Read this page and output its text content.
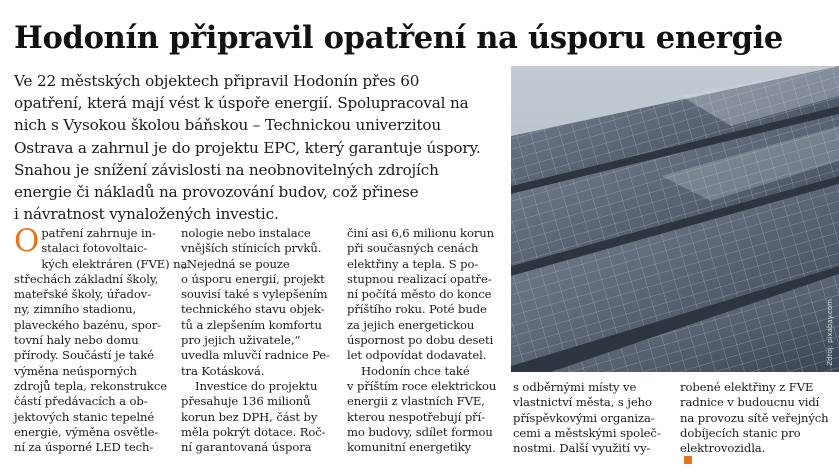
Hodonín připravil opatření na úsporu energie

Ve 22 městských objektech připravil Hodonín přes 60
opatření, která mají vést k úspoře energií. Spolupracoval na
nich s Vysokou školou báňskou – Technickou univerzitou
Ostrava a zahrnul je do projektu EPC, který garantuje úspory.
Snahou je snížení závislosti na neobnovitelných zdrojích
energie či nákladů na provozování budov, což přinese
i návratnost vynaložených investic.

Zdroj: pixabay.com

O patření zahrnuje in-
stalaci fotovoltaic-
kých elektráren (FVE) na
střechách základní školy,
mateřské školy, úřadov-
ny, zimního stadionu,
plaveckého bazénu, spor-
tovní haly nebo domu
přírody. Součástí je také
výměna neúsporných
zdrojů tepla, rekonstrukce
částí předávacích a ob-
jektových stanic tepelné
energie, výměna osvětle-
ní za úsporné LED tech-

nologie nebo instalace
vnějších stínicích prvků.
„Nejedná se pouze
o úsporu energií, projekt
souvisí také s vylepšením
technického stavu objek-
tů a zlepšením komfortu
pro jejich uživatele,“
uvedla mluvčí radnice Pe-
tra Kotásková.
Investice do projektu
přesahuje 136 milionů
korun bez DPH, část by
měla pokrýt dotace. Roč-
ní garantovaná úspora

činí asi 6,6 milionu korun
při současných cenách
elektřiny a tepla. S po-
stupnou realizací opatře-
ní počítá město do konce
příštího roku. Poté bude
za jejich energetickou
úspornost po dobu deseti
let odpovídat dodavatel.
Hodonín chce také
v příštím roce elektrickou
energii z vlastních FVE,
kterou nespotřebují pří-
mo budovy, sdílet formou
komunitní energetiky

s odběrnými místy ve
vlastnictví města, s jeho
příspěvkovými organiza-
cemi a městskými společ-
nostmi. Další využití vy-

robené elektřiny z FVE
radnice v budoucnu vidí
na provozu sítě veřejných
dobíjecích stanic pro
elektrovozidla.
